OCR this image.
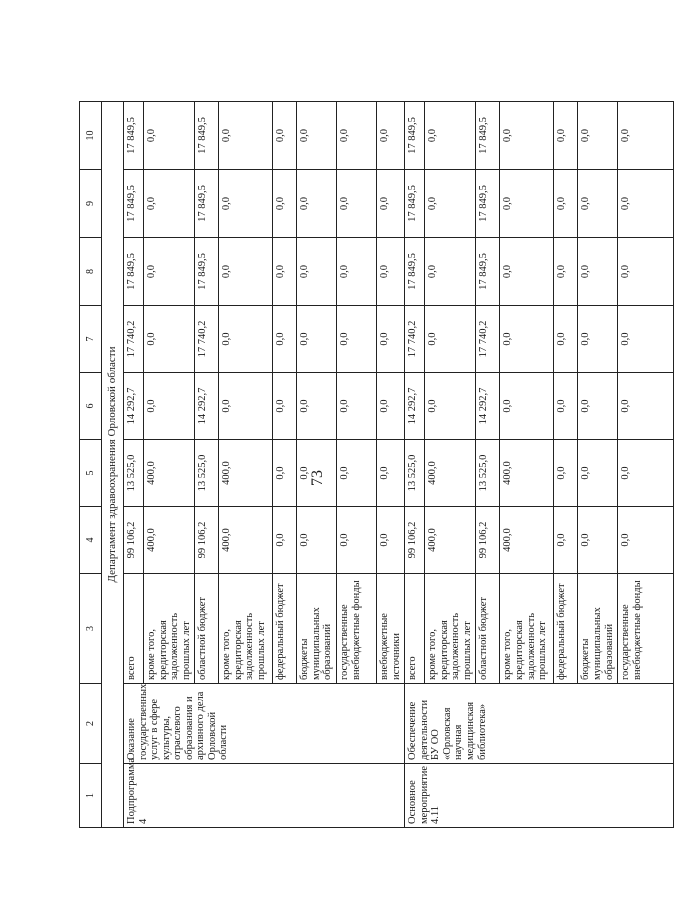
73
1	2	3	4	5	6	7	8	9	10
Департамент здравоохранения Орловской области									
Подпрограмма 4	Оказание государственных услуг в сфере культуры, отраслевого образования и архивного дела Орловской области	всего	99 106,2	13 525,0	14 292,7	17 740,2	17 849,5	17 849,5	17 849,5
		кроме того, кредиторская задолженность прошлых лет	400,0	400,0	0,0	0,0	0,0	0,0	0,0
		областной бюджет	99 106,2	13 525,0	14 292,7	17 740,2	17 849,5	17 849,5	17 849,5
		кроме того, кредиторская задолженность прошлых лет	400,0	400,0	0,0	0,0	0,0	0,0	0,0
		федеральный бюджет	0,0	0,0	0,0	0,0	0,0	0,0	0,0
		бюджеты муниципальных образований	0,0	0,0	0,0	0,0	0,0	0,0	0,0
		государственные внебюджетные фонды	0,0	0,0	0,0	0,0	0,0	0,0	0,0
		внебюджетные источники	0,0	0,0	0,0	0,0	0,0	0,0	0,0
Основное мероприятие 4.11	Обеспечение деятельности БУ ОО «Орловская научная медицинская библиотека»	всего	99 106,2	13 525,0	14 292,7	17 740,2	17 849,5	17 849,5	17 849,5
		кроме того, кредиторская задолженность прошлых лет	400,0	400,0	0,0	0,0	0,0	0,0	0,0
		областной бюджет	99 106,2	13 525,0	14 292,7	17 740,2	17 849,5	17 849,5	17 849,5
		кроме того, кредиторская задолженность прошлых лет	400,0	400,0	0,0	0,0	0,0	0,0	0,0
		федеральный бюджет	0,0	0,0	0,0	0,0	0,0	0,0	0,0
		бюджеты муниципальных образований	0,0	0,0	0,0	0,0	0,0	0,0	0,0
		государственные внебюджетные фонды	0,0	0,0	0,0	0,0	0,0	0,0	0,0
